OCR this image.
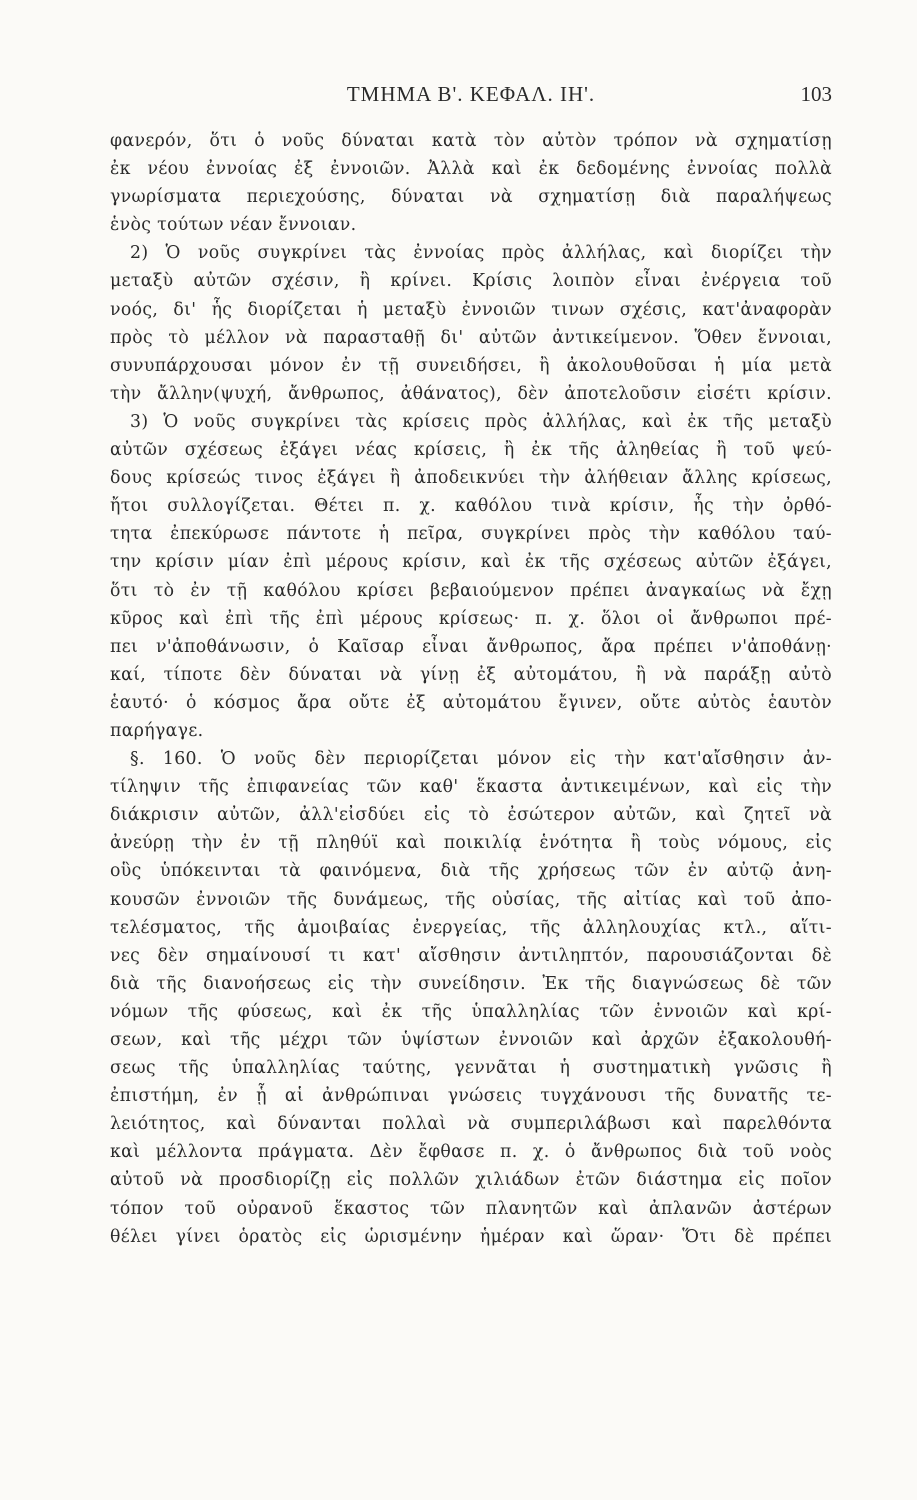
ΤΜΗΜΑ Β'. ΚΕΦΑΛ. ΙΗ'.	103
φανερόν, ὅτι ὁ νοῦς δύναται κατὰ τὸν αὐτὸν τρόπον νὰ σχηματίσῃ
ἐκ νέου ἐννοίας ἐξ ἐννοιῶν. Ἀλλὰ καὶ ἐκ δεδομένης ἐννοίας πολλὰ
γνωρίσματα περιεχούσης, δύναται νὰ σχηματίσῃ διὰ παραλήψεως
ἑνὸς τούτων νέαν ἔννοιαν.
2) Ὁ νοῦς συγκρίνει τὰς ἐννοίας πρὸς ἀλλήλας, καὶ διορίζει τὴν
μεταξὺ αὐτῶν σχέσιν, ἢ κρίνει. Κρίσις λοιπὸν εἶναι ἐνέργεια τοῦ
νοός, δι' ἧς διορίζεται ἡ μεταξὺ ἐννοιῶν τινων σχέσις, κατ'ἀναφορὰν
πρὸς τὸ μέλλον νὰ παρασταθῇ δι' αὐτῶν ἀντικείμενον. Ὅθεν ἔννοιαι,
συνυπάρχουσαι μόνον ἐν τῇ συνειδήσει, ἢ ἀκολουθοῦσαι ἡ μία μετὰ
τὴν ἄλλην(ψυχή, ἄνθρωπος, ἀθάνατος), δὲν ἀποτελοῦσιν εἰσέτι κρίσιν.
3) Ὁ νοῦς συγκρίνει τὰς κρίσεις πρὸς ἀλλήλας, καὶ ἐκ τῆς μεταξὺ
αὐτῶν σχέσεως ἐξάγει νέας κρίσεις, ἢ ἐκ τῆς ἀληθείας ἢ τοῦ ψεύ-
δους κρίσεώς τινος ἐξάγει ἢ ἀποδεικνύει τὴν ἀλήθειαν ἄλλης κρίσεως,
ἤτοι συλλογίζεται. Θέτει π. χ. καθόλου τινὰ κρίσιν, ἧς τὴν ὀρθό-
τητα ἐπεκύρωσε πάντοτε ἡ πεῖρα, συγκρίνει πρὸς τὴν καθόλου ταύ-
την κρίσιν μίαν ἐπὶ μέρους κρίσιν, καὶ ἐκ τῆς σχέσεως αὐτῶν ἐξάγει,
ὅτι τὸ ἐν τῇ καθόλου κρίσει βεβαιούμενον πρέπει ἀναγκαίως νὰ ἔχῃ
κῦρος καὶ ἐπὶ τῆς ἐπὶ μέρους κρίσεως· π. χ. ὅλοι οἱ ἄνθρωποι πρέ-
πει ν'ἀποθάνωσιν, ὁ Καῖσαρ εἶναι ἄνθρωπος, ἄρα πρέπει ν'ἀποθάνῃ·
καί, τίποτε δὲν δύναται νὰ γίνῃ ἐξ αὐτομάτου, ἢ νὰ παράξῃ αὐτὸ
ἑαυτό· ὁ κόσμος ἄρα οὔτε ἐξ αὐτομάτου ἔγινεν, οὔτε αὐτὸς ἑαυτὸν
παρήγαγε.
§. 160. Ὁ νοῦς δὲν περιορίζεται μόνον εἰς τὴν κατ'αἴσθησιν ἀν-
τίληψιν τῆς ἐπιφανείας τῶν καθ' ἕκαστα ἀντικειμένων, καὶ εἰς τὴν
διάκρισιν αὐτῶν, ἀλλ'εἰσδύει εἰς τὸ ἐσώτερον αὐτῶν, καὶ ζητεῖ νὰ
ἀνεύρῃ τὴν ἐν τῇ πληθύϊ καὶ ποικιλίᾳ ἑνότητα ἢ τοὺς νόμους, εἰς
οὓς ὑπόκεινται τὰ φαινόμενα, διὰ τῆς χρήσεως τῶν ἐν αὐτῷ ἀνη-
κουσῶν ἐννοιῶν τῆς δυνάμεως, τῆς οὐσίας, τῆς αἰτίας καὶ τοῦ ἀπο-
τελέσματος, τῆς ἀμοιβαίας ἐνεργείας, τῆς ἀλληλουχίας κτλ., αἵτι-
νες δὲν σημαίνουσί τι κατ' αἴσθησιν ἀντιληπτόν, παρουσιάζονται δὲ
διὰ τῆς διανοήσεως εἰς τὴν συνείδησιν. Ἐκ τῆς διαγνώσεως δὲ τῶν
νόμων τῆς φύσεως, καὶ ἐκ τῆς ὑπαλληλίας τῶν ἐννοιῶν καὶ κρί-
σεων, καὶ τῆς μέχρι τῶν ὑψίστων ἐννοιῶν καὶ ἀρχῶν ἐξακολουθή-
σεως τῆς ὑπαλληλίας ταύτης, γεννᾶται ἡ συστηματικὴ γνῶσις ἢ
ἐπιστήμη, ἐν ᾗ αἱ ἀνθρώπιναι γνώσεις τυγχάνουσι τῆς δυνατῆς τε-
λειότητος, καὶ δύνανται πολλαὶ νὰ συμπεριλάβωσι καὶ παρελθόντα
καὶ μέλλοντα πράγματα. Δὲν ἔφθασε π. χ. ὁ ἄνθρωπος διὰ τοῦ νοὸς
αὐτοῦ νὰ προσδιορίζῃ εἰς πολλῶν χιλιάδων ἐτῶν διάστημα εἰς ποῖον
τόπον τοῦ οὐρανοῦ ἕκαστος τῶν πλανητῶν καὶ ἀπλανῶν ἀστέρων
θέλει γίνει ὁρατὸς εἰς ὡρισμένην ἡμέραν καὶ ὥραν· Ὅτι δὲ πρέπει
